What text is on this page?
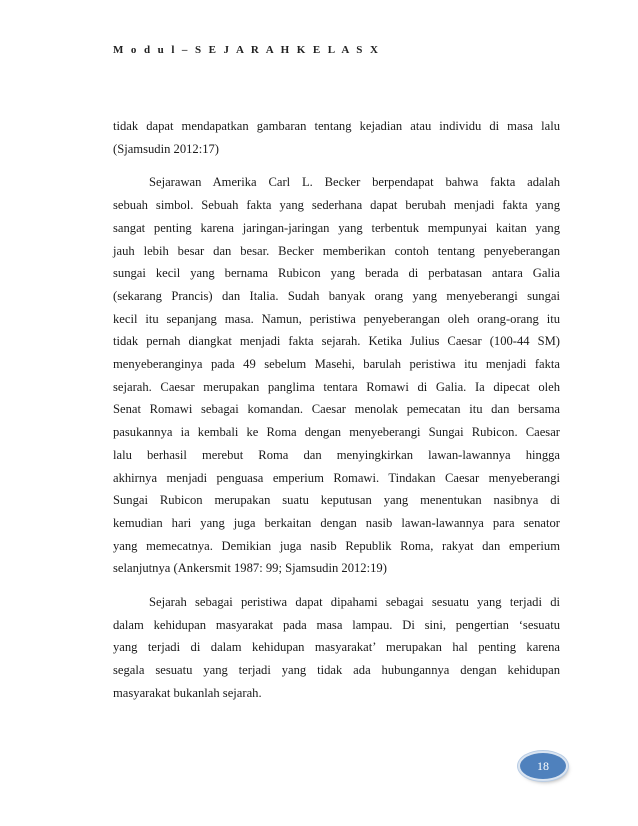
M o d u l – S E J A R A H K E L A S X

tidak dapat mendapatkan gambaran tentang kejadian atau individu di masa lalu
(Sjamsudin 2012:17)

Sejarawan Amerika Carl L. Becker berpendapat bahwa fakta adalah
sebuah simbol. Sebuah fakta yang sederhana dapat berubah menjadi fakta yang
sangat penting karena jaringan-jaringan yang terbentuk mempunyai kaitan yang
jauh lebih besar dan besar. Becker memberikan contoh tentang penyeberangan
sungai kecil yang bernama Rubicon yang berada di perbatasan antara Galia
(sekarang Prancis) dan Italia. Sudah banyak orang yang menyeberangi sungai
kecil itu sepanjang masa. Namun, peristiwa penyeberangan oleh orang-orang itu
tidak pernah diangkat menjadi fakta sejarah. Ketika Julius Caesar (100-44 SM)
menyeberanginya pada 49 sebelum Masehi, barulah peristiwa itu menjadi fakta
sejarah. Caesar merupakan panglima tentara Romawi di Galia. Ia dipecat oleh
Senat Romawi sebagai komandan. Caesar menolak pemecatan itu dan bersama
pasukannya ia kembali ke Roma dengan menyeberangi Sungai Rubicon. Caesar
lalu berhasil merebut Roma dan menyingkirkan lawan-lawannya hingga
akhirnya menjadi penguasa emperium Romawi. Tindakan Caesar menyeberangi
Sungai Rubicon merupakan suatu keputusan yang menentukan nasibnya di
kemudian hari yang juga berkaitan dengan nasib lawan-lawannya para senator
yang memecatnya. Demikian juga nasib Republik Roma, rakyat dan emperium
selanjutnya (Ankersmit 1987: 99; Sjamsudin 2012:19)

Sejarah sebagai peristiwa dapat dipahami sebagai sesuatu yang terjadi di
dalam kehidupan masyarakat pada masa lampau. Di sini, pengertian ‘sesuatu
yang terjadi di dalam kehidupan masyarakat’ merupakan hal penting karena
segala sesuatu yang terjadi yang tidak ada hubungannya dengan kehidupan
masyarakat bukanlah sejarah.

18
